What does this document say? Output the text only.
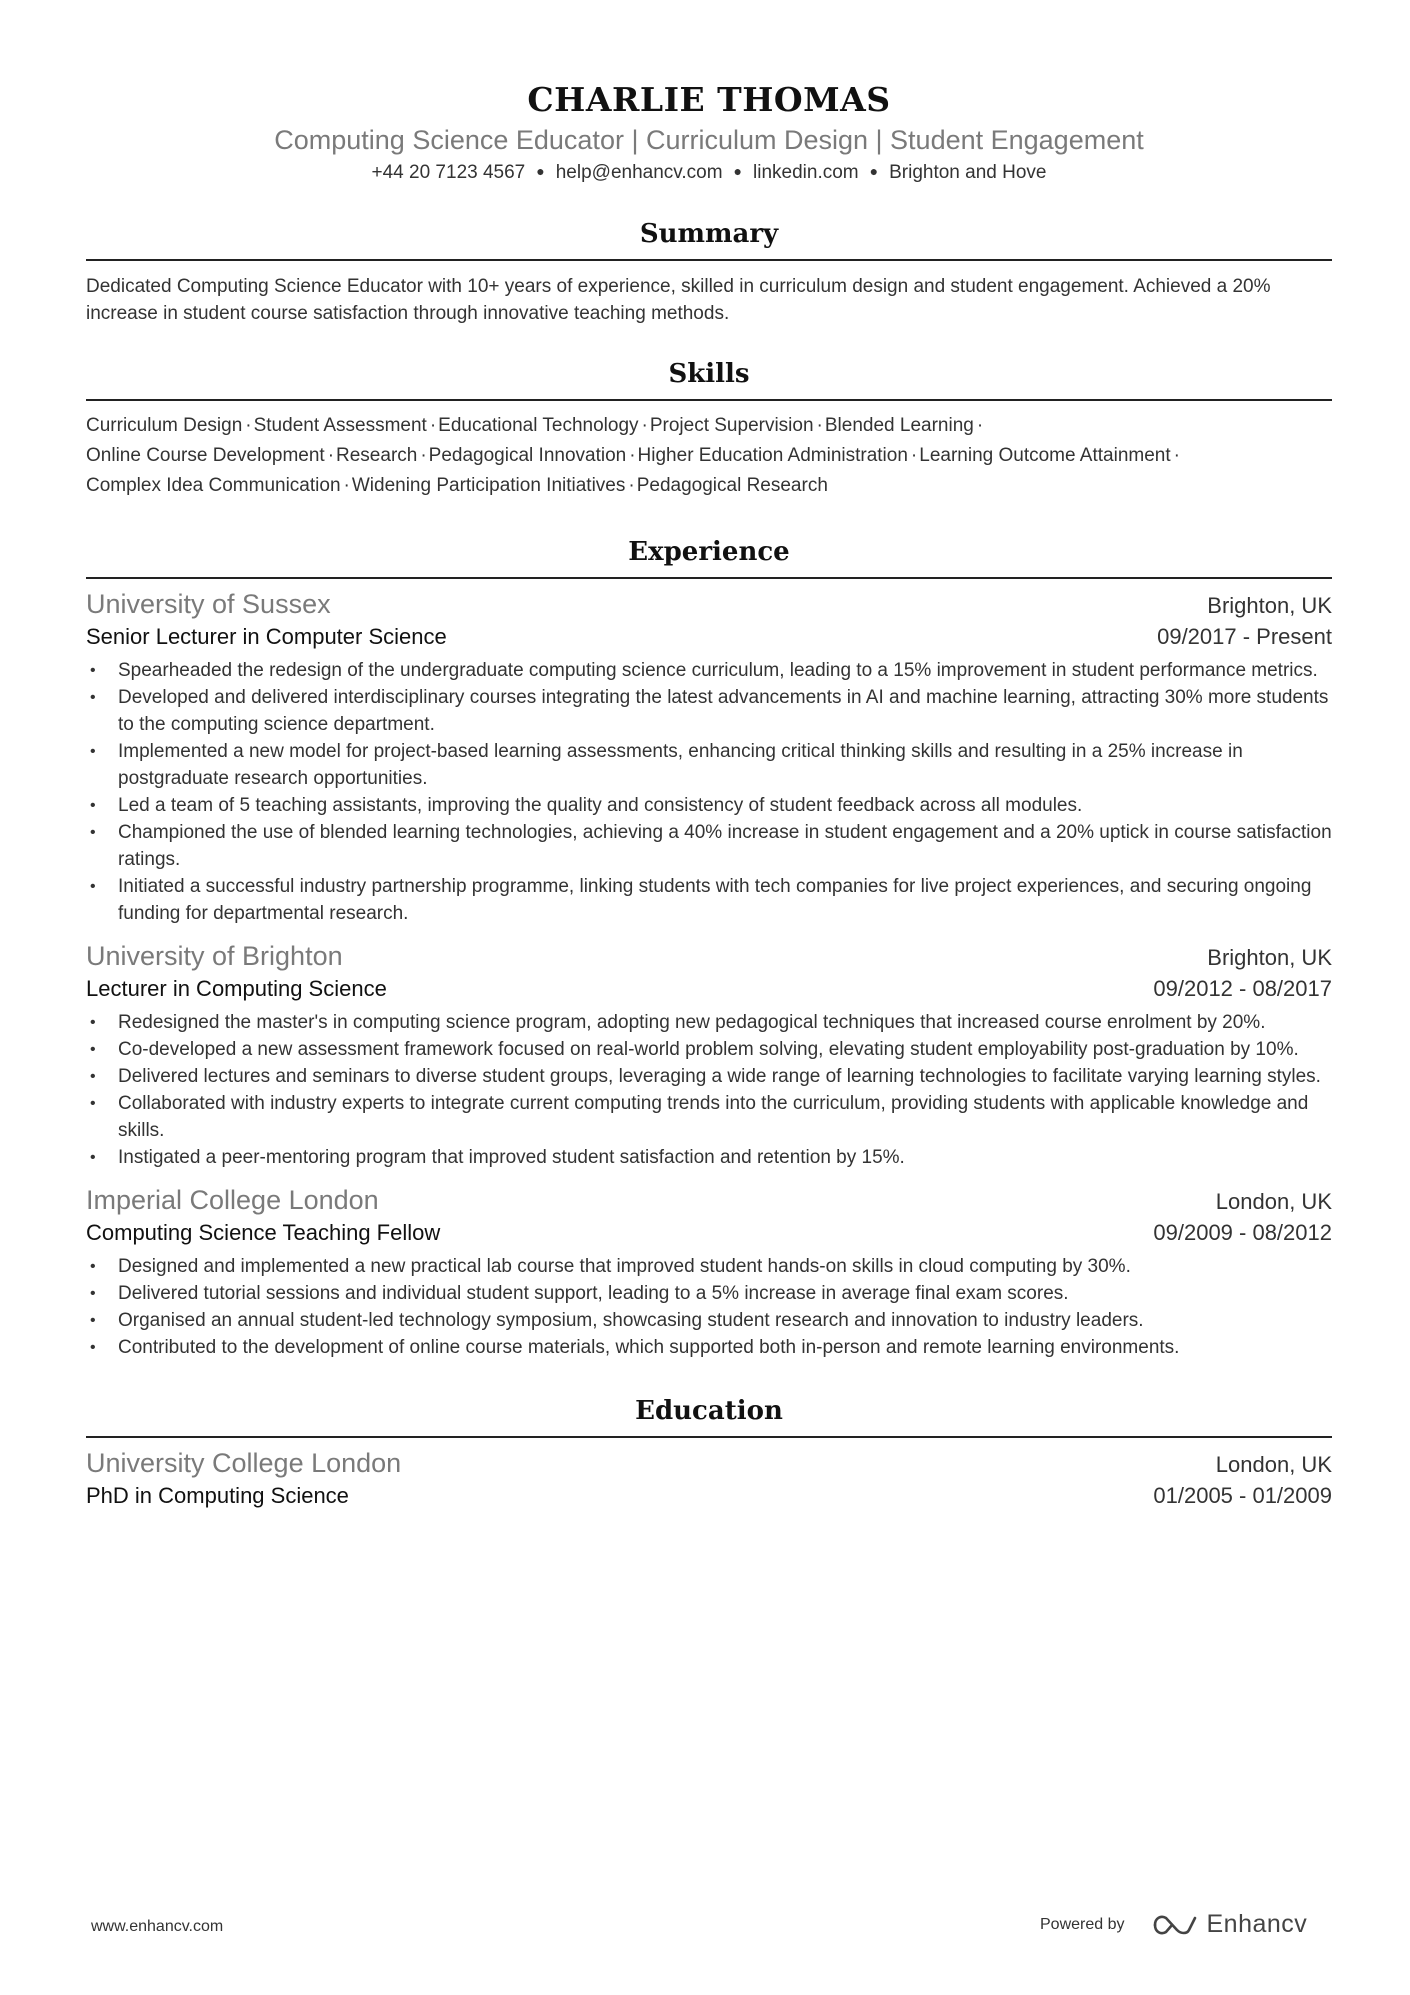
CHARLIE THOMAS
Computing Science Educator | Curriculum Design | Student Engagement
+44 20 7123 4567 ● help@enhancv.com ● linkedin.com ● Brighton and Hove
Summary
Dedicated Computing Science Educator with 10+ years of experience, skilled in curriculum design and student engagement. Achieved a 20% increase in student course satisfaction through innovative teaching methods.
Skills
Curriculum Design · Student Assessment · Educational Technology · Project Supervision · Blended Learning ·
Online Course Development · Research · Pedagogical Innovation · Higher Education Administration · Learning Outcome Attainment ·
Complex Idea Communication · Widening Participation Initiatives · Pedagogical Research
Experience
University of Sussex	Brighton, UK
Senior Lecturer in Computer Science	09/2017 - Present
• Spearheaded the redesign of the undergraduate computing science curriculum, leading to a 15% improvement in student performance metrics.
• Developed and delivered interdisciplinary courses integrating the latest advancements in AI and machine learning, attracting 30% more students to the computing science department.
• Implemented a new model for project-based learning assessments, enhancing critical thinking skills and resulting in a 25% increase in postgraduate research opportunities.
• Led a team of 5 teaching assistants, improving the quality and consistency of student feedback across all modules.
• Championed the use of blended learning technologies, achieving a 40% increase in student engagement and a 20% uptick in course satisfaction ratings.
• Initiated a successful industry partnership programme, linking students with tech companies for live project experiences, and securing ongoing funding for departmental research.
University of Brighton	Brighton, UK
Lecturer in Computing Science	09/2012 - 08/2017
• Redesigned the master's in computing science program, adopting new pedagogical techniques that increased course enrolment by 20%.
• Co-developed a new assessment framework focused on real-world problem solving, elevating student employability post-graduation by 10%.
• Delivered lectures and seminars to diverse student groups, leveraging a wide range of learning technologies to facilitate varying learning styles.
• Collaborated with industry experts to integrate current computing trends into the curriculum, providing students with applicable knowledge and skills.
• Instigated a peer-mentoring program that improved student satisfaction and retention by 15%.
Imperial College London	London, UK
Computing Science Teaching Fellow	09/2009 - 08/2012
• Designed and implemented a new practical lab course that improved student hands-on skills in cloud computing by 30%.
• Delivered tutorial sessions and individual student support, leading to a 5% increase in average final exam scores.
• Organised an annual student-led technology symposium, showcasing student research and innovation to industry leaders.
• Contributed to the development of online course materials, which supported both in-person and remote learning environments.
Education
University College London	London, UK
PhD in Computing Science	01/2005 - 01/2009
www.enhancv.com	Powered by	Enhancv
